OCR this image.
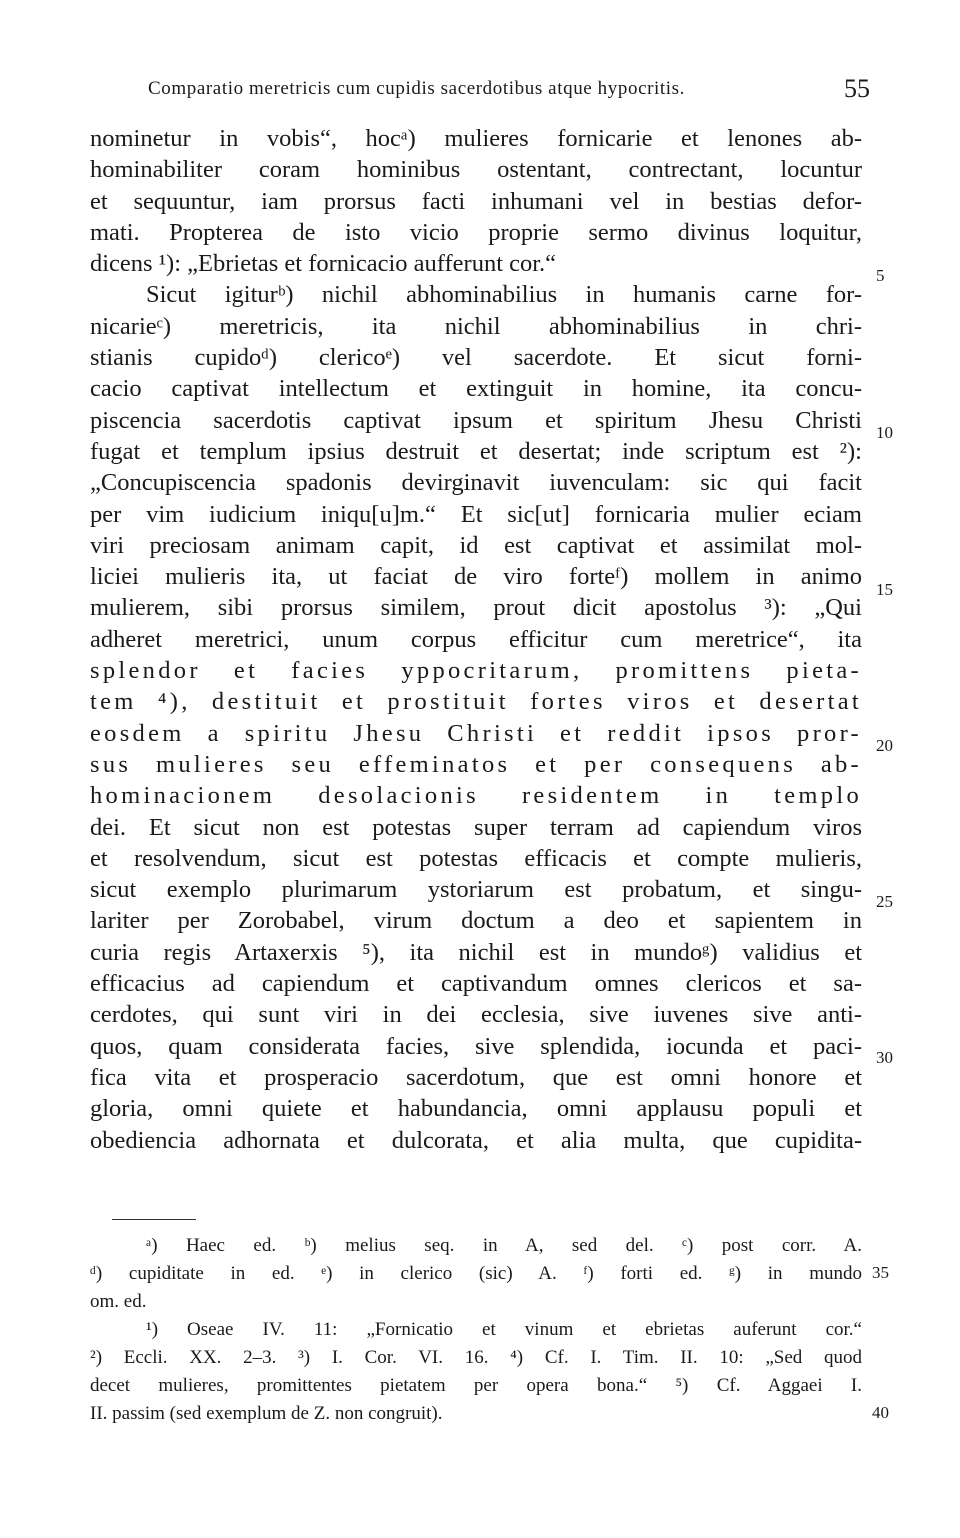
Comparatio meretricis cum cupidis sacerdotibus atque hypocritis.	55
nominetur in vobis“, hocᵃ) mulieres fornicarie et lenones ab-
hominabiliter coram hominibus ostentant, contrectant, locuntur
et sequuntur, iam prorsus facti inhumani vel in bestias defor-
mati. Propterea de isto vicio proprie sermo divinus loquitur,
dicens ¹): „Ebrietas et fornicacio aufferunt cor.“
Sicut igiturᵇ) nichil abhominabilius in humanis carne for-
nicarieᶜ) meretricis, ita nichil abhominabilius in chri-
stianis cupidoᵈ) clericoᵉ) vel sacerdote. Et sicut forni-
cacio captivat intellectum et extinguit in homine, ita concu-
piscencia sacerdotis captivat ipsum et spiritum Jhesu Christi
fugat et templum ipsius destruit et desertat; inde scriptum est ²):
„Concupiscencia spadonis devirginavit iuvenculam: sic qui facit
per vim iudicium iniqu[u]m.“ Et sic[ut] fornicaria mulier eciam
viri preciosam animam capit, id est captivat et assimilat mol-
liciei mulieris ita, ut faciat de viro forteᶠ) mollem in animo
mulierem, sibi prorsus similem, prout dicit apostolus ³): „Qui
adheret meretrici, unum corpus efficitur cum meretrice“, ita
splendor et facies yppocritarum, promittens pieta-
tem ⁴), destituit et prostituit fortes viros et desertat
eosdem a spiritu Jhesu Christi et reddit ipsos pror-
sus mulieres seu effeminatos et per consequens ab-
hominacionem desolacionis residentem in templo
dei. Et sicut non est potestas super terram ad capiendum viros
et resolvendum, sicut est potestas efficacis et compte mulieris,
sicut exemplo plurimarum ystoriarum est probatum, et singu-
lariter per Zorobabel, virum doctum a deo et sapientem in
curia regis Artaxerxis ⁵), ita nichil est in mundoᵍ) validius et
efficacius ad capiendum et captivandum omnes clericos et sa-
cerdotes, qui sunt viri in dei ecclesia, sive iuvenes sive anti-
quos, quam considerata facies, sive splendida, iocunda et paci-
fica vita et prosperacio sacerdotum, que est omni honore et
gloria, omni quiete et habundancia, omni applausu populi et
obediencia adhornata et dulcorata, et alia multa, que cupidita-
5
10
15
20
25
30
ᵃ) Haec ed. ᵇ) melius seq. in A, sed del. ᶜ) post corr. A.
ᵈ) cupiditate in ed. ᵉ) in clerico (sic) A. ᶠ) forti ed. ᵍ) in mundo
om. ed.
¹) Oseae IV. 11: „Fornicatio et vinum et ebrietas auferunt cor.“
²) Eccli. XX. 2–3. ³) I. Cor. VI. 16. ⁴) Cf. I. Tim. II. 10: „Sed quod
decet mulieres, promittentes pietatem per opera bona.“ ⁵) Cf. Aggaei I.
II. passim (sed exemplum de Z. non congruit).
35
40
